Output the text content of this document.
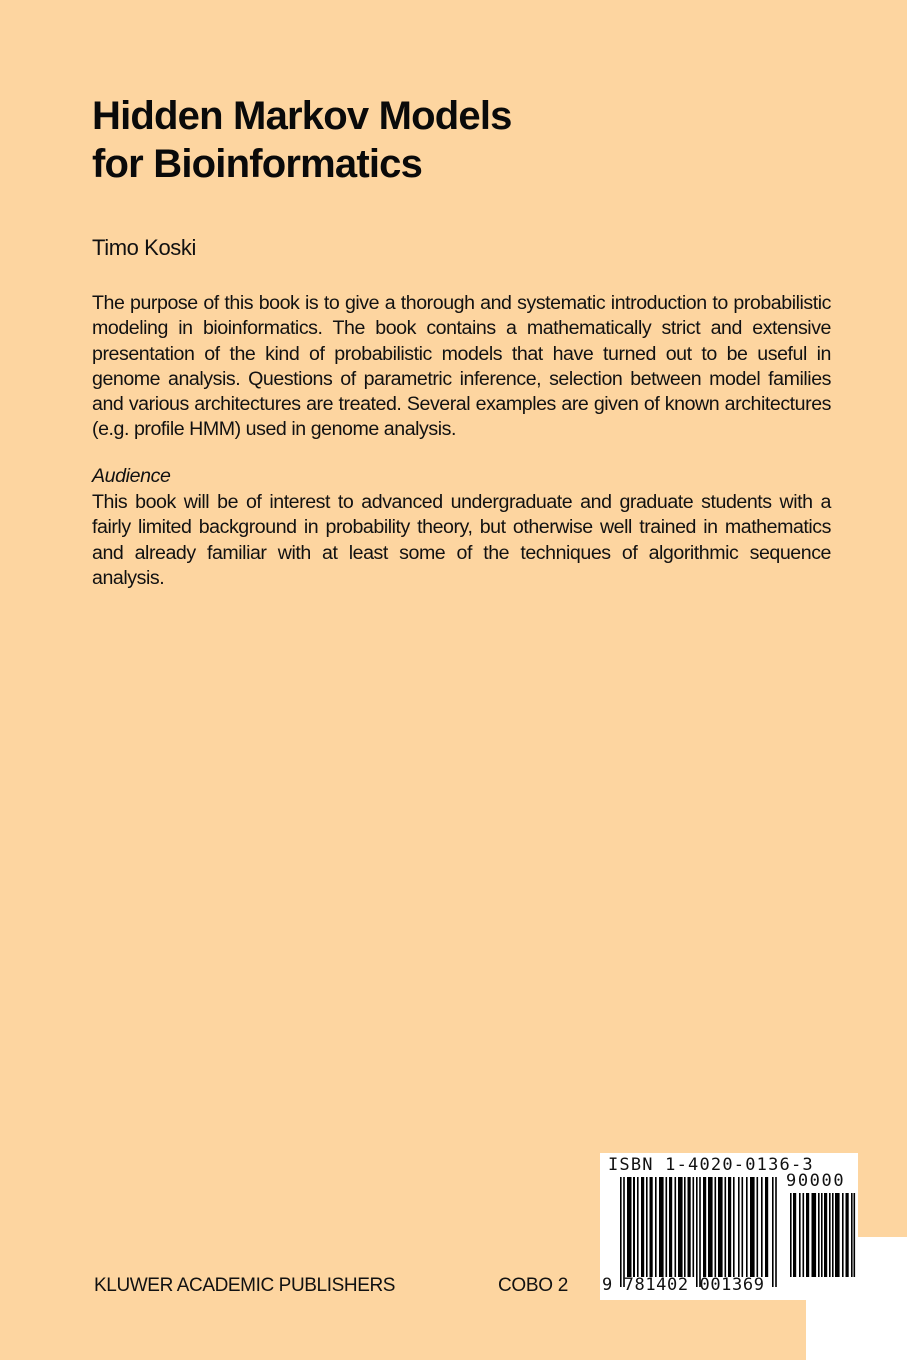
Hidden Markov Models
for Bioinformatics
Timo Koski

The purpose of this book is to give a thorough and systematic introduction to probabilistic modeling in bioinformatics. The book contains a mathematically strict and extensive presentation of the kind of probabilistic models that have turned out to be useful in genome analysis. Questions of parametric inference, selection between model families and various architectures are treated. Several examples are given of known architectures (e.g. profile HMM) used in genome analysis.

Audience

This book will be of interest to advanced undergraduate and graduate students with a fairly limited background in probability theory, but otherwise well trained in mathematics and already familiar with at least some of the techniques of algorithmic sequence analysis.

KLUWER ACADEMIC PUBLISHERS	COBO 2
ISBN 1-4020-0136-3
90000
9 781402 001369
